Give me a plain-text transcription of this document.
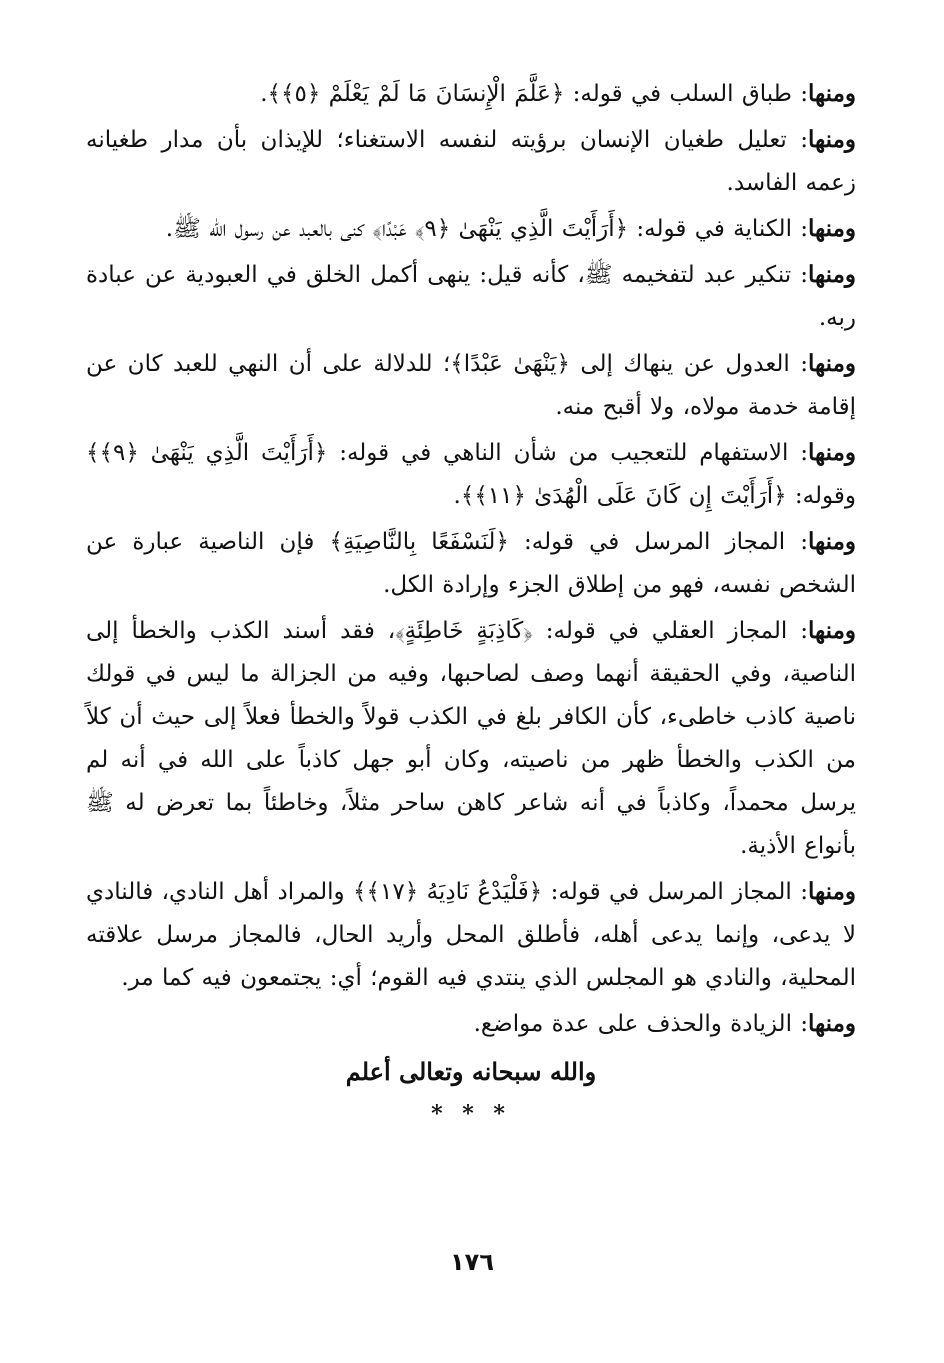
ومنها: طباق السلب في قوله: ﴿عَلَّمَ الْإِنسَانَ مَا لَمْ يَعْلَمْ ﴿٥﴾﴾.

ومنها: تعليل طغيان الإنسان برؤيته لنفسه الاستغناء؛ للإيذان بأن مدار طغيانه زعمه الفاسد.

ومنها: الكناية في قوله: ﴿أَرَأَيْتَ الَّذِي يَنْهَىٰ ﴿٩﴾ عَبْدًا﴾ كنى بالعبد عن رسول الله ﷺ.

ومنها: تنكير عبد لتفخيمه ﷺ، كأنه قيل: ينهى أكمل الخلق في العبودية عن عبادة ربه.

ومنها: العدول عن ينهاك إلى ﴿يَنْهَىٰ عَبْدًا﴾؛ للدلالة على أن النهي للعبد كان عن إقامة خدمة مولاه، ولا أقبح منه.

ومنها: الاستفهام للتعجيب من شأن الناهي في قوله: ﴿أَرَأَيْتَ الَّذِي يَنْهَىٰ ﴿٩﴾﴾ وقوله: ﴿أَرَأَيْتَ إِن كَانَ عَلَى الْهُدَىٰ ﴿١١﴾﴾.

ومنها: المجاز المرسل في قوله: ﴿لَنَسْفَعًا بِالنَّاصِيَةِ﴾ فإن الناصية عبارة عن الشخص نفسه، فهو من إطلاق الجزء وإرادة الكل.

ومنها: المجاز العقلي في قوله: ﴿كَاذِبَةٍ خَاطِئَةٍ﴾، فقد أسند الكذب والخطأ إلى الناصية، وفي الحقيقة أنهما وصف لصاحبها، وفيه من الجزالة ما ليس في قولك ناصية كاذب خاطىء، كأن الكافر بلغ في الكذب قولاً والخطأ فعلاً إلى حيث أن كلاً من الكذب والخطأ ظهر من ناصيته، وكان أبو جهل كاذباً على الله في أنه لم يرسل محمداً، وكاذباً في أنه شاعر كاهن ساحر مثلاً، وخاطئاً بما تعرض له ﷺ بأنواع الأذية.

ومنها: المجاز المرسل في قوله: ﴿فَلْيَدْعُ نَادِيَهُ ﴿١٧﴾﴾ والمراد أهل النادي، فالنادي لا يدعى، وإنما يدعى أهله، فأطلق المحل وأريد الحال، فالمجاز مرسل علاقته المحلية، والنادي هو المجلس الذي ينتدي فيه القوم؛ أي: يجتمعون فيه كما مر.

ومنها: الزيادة والحذف على عدة مواضع.

والله سبحانه وتعالى أعلم
* * *
١٧٦
